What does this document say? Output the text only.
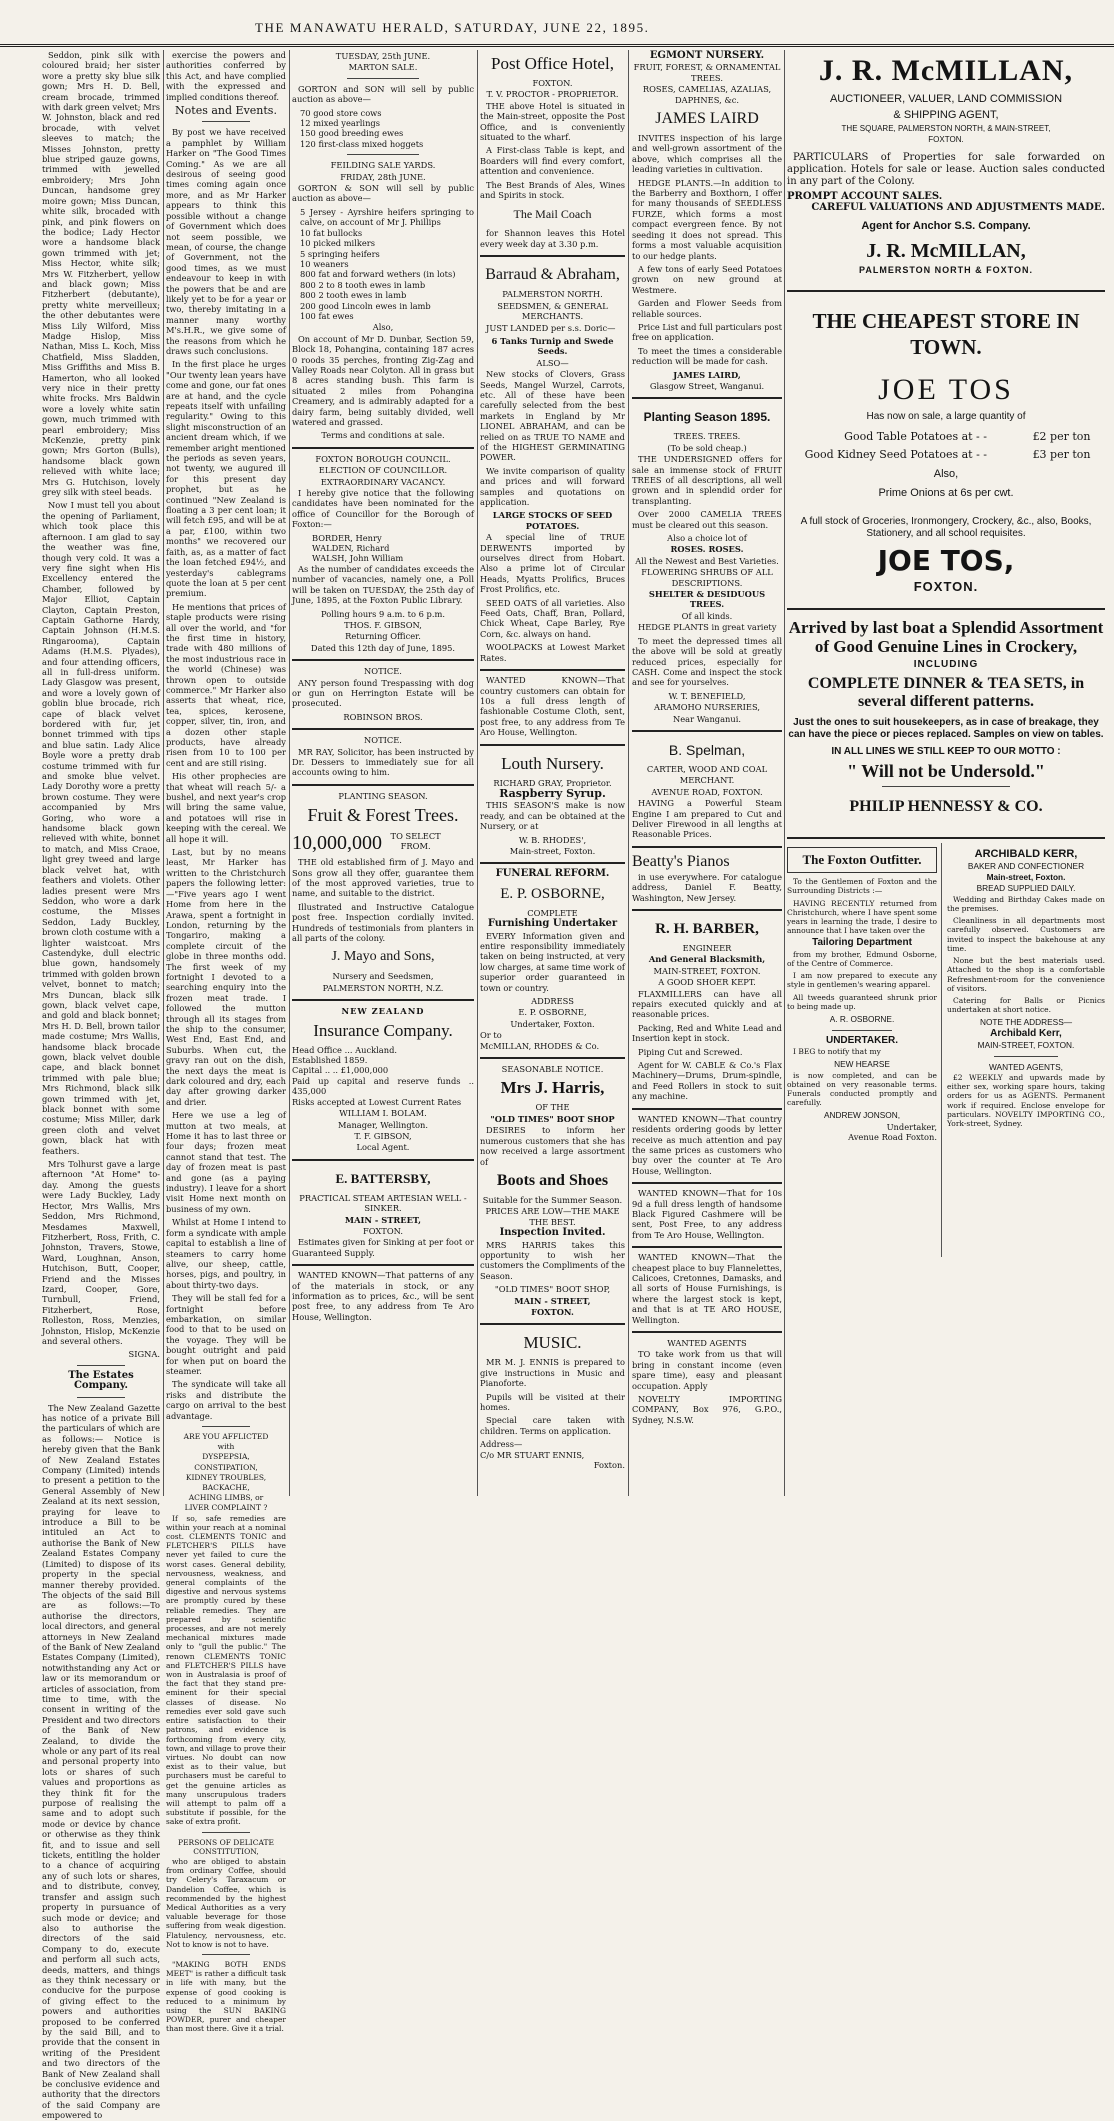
THE MANAWATU HERALD, SATURDAY, JUNE 22, 1895.

Seddon, pink silk with coloured braid; her sister wore a pretty sky blue silk gown; Mrs H. D. Bell, cream brocade, trimmed with dark green velvet; Mrs W. Johnston, black and red brocade, with velvet sleeves to match; the Misses Johnston, pretty blue striped gauze gowns, trimmed with jewelled embroidery; Mrs John Duncan, handsome grey moire gown; Miss Duncan, white silk, brocaded with pink, and pink flowers on the bodice; Lady Hector wore a handsome black gown trimmed with jet; Miss Hector, white silk; Mrs W. Fitzherbert, yellow and black gown; Miss Fitzherbert (debutante), pretty white merveilleux; the other debutantes were Miss Lily Wilford, Miss Madge Hislop, Miss Nathan, Miss L. Koch, Miss Chatfield, Miss Sladden, Miss Griffiths and Miss B. Hamerton, who all looked very nice in their pretty white frocks. Mrs Baldwin wore a lovely white satin gown, much trimmed with pearl embroidery; Miss McKenzie, pretty pink gown; Mrs Gorton (Bulls), handsome black gown relieved with white lace; Mrs G. Hutchison, lovely grey silk with steel beads.

Now I must tell you about the opening of Parliament, which took place this afternoon. I am glad to say the weather was fine, though very cold. It was a very fine sight when His Excellency entered the Chamber, followed by Major Elliot, Captain Clayton, Captain Preston, Captain Gathorne Hardy, Captain Johnson (H.M.S. Ringarooma), Captain Adams (H.M.S. Plyades), and four attending officers, all in full-dress uniform. Lady Glasgow was present, and wore a lovely gown of goblin blue brocade, rich cape of black velvet bordered with fur, jet bonnet trimmed with tips and blue satin. Lady Alice Boyle wore a pretty drab costume trimmed with fur and smoke blue velvet. Lady Dorothy wore a pretty brown costume. They were accompanied by Mrs Goring, who wore a handsome black gown relieved with white, bonnet to match, and Miss Craoe, light grey tweed and large black velvet hat, with feathers and violets. Other ladies present were Mrs Seddon, who wore a dark costume, the Misses Seddon, Lady Buckley, brown cloth costume with a lighter waistcoat. Mrs Castendyke, dull electric blue gown, handsomely trimmed with golden brown velvet, bonnet to match; Mrs Duncan, black silk gown, black velvet cape, and gold and black bonnet; Mrs H. D. Bell, brown tailor made costume; Mrs Wallis, handsome black brocade gown, black velvet double cape, and black bonnet trimmed with pale blue; Mrs Richmond, black silk gown trimmed with jet, black bonnet with some costume; Miss Miller, dark green cloth and velvet gown, black hat with feathers.

Mrs Tolhurst gave a large afternoon "At Home" to-day. Among the guests were Lady Buckley, Lady Hector, Mrs Wallis, Mrs Seddon, Mrs Richmond, Mesdames Maxwell, Fitzherbert, Ross, Frith, C. Johnston, Travers, Stowe, Ward, Loughnan, Anson, Hutchison, Butt, Cooper, Friend and the Misses Izard, Cooper, Gore, Turnbull, Friend, Fitzherbert, Rose, Rolleston, Ross, Menzies, Johnston, Hislop, McKenzie and several others.

SIGNA.
The Estates Company.

The New Zealand Gazette has notice of a private Bill the particulars of which are as follows:— Notice is hereby given that the Bank of New Zealand Estates Company (Limited) intends to present a petition to the General Assembly of New Zealand at its next session, praying for leave to introduce a Bill to be intituled an Act to authorise the Bank of New Zealand Estates Company (Limited) to dispose of its property in the special manner thereby provided. The objects of the said Bill are as follows:—To authorise the directors, local directors, and general attorneys in New Zealand of the Bank of New Zealand Estates Company (Limited), notwithstanding any Act or law or its memorandum or articles of association, from time to time, with the consent in writing of the President and two directors of the Bank of New Zealand, to divide the whole or any part of its real and personal property into lots or shares of such values and proportions as they think fit for the purpose of realising the same and to adopt such mode or device by chance or otherwise as they think fit, and to issue and sell tickets, entitling the holder to a chance of acquiring any of such lots or shares, and to distribute, convey, transfer and assign such property in pursuance of such mode or device; and also to authorise the directors of the said Company to do, execute and perform all such acts, deeds, matters, and things as they think necessary or conducive for the purpose of giving effect to the powers and authorities proposed to be conferred by the said Bill, and to provide that the consent in writing of the President and two directors of the Bank of New Zealand shall be conclusive evidence and authority that the directors of the said Company are empowered to

exercise the powers and authorities conferred by this Act, and have complied with the expressed and implied conditions thereof.

Notes and Events.

By post we have received a pamphlet by William Harker on "The Good Times Coming." As we are all desirous of seeing good times coming again once more, and as Mr Harker appears to think this possible without a change of Government which does not seem possible, we mean, of course, the change of Government, not the good times, as we must endeavour to keep in with the powers that be and are likely yet to be for a year or two, thereby imitating in a manner many worthy M's.H.R., we give some of the reasons from which he draws such conclusions.

In the first place he urges "Our twenty lean years have come and gone, our fat ones are at hand, and the cycle repeats itself with unfailing regularity." Owing to this slight misconstruction of an ancient dream which, if we remember aright mentioned the periods as seven years, not twenty, we augured ill for this present day prophet, but as he continued "New Zealand is floating a 3 per cent loan; it will fetch £95, and will be at a par, £100, within two months" we recovered our faith, as, as a matter of fact the loan fetched £94½, and yesterday's cablegrams quote the loan at 5 per cent premium.

He mentions that prices of staple products were rising all over the world, and "for the first time in history, trade with 480 millions of the most industrious race in the world (Chinese) was thrown open to outside commerce." Mr Harker also asserts that wheat, rice, tea, spices, kerosene, copper, silver, tin, iron, and a dozen other staple products, have already risen from 10 to 100 per cent and are still rising.

His other prophecies are that wheat will reach 5/- a bushel, and next year's crop will bring the same value, and potatoes will rise in keeping with the cereal. We all hope it will.

Last, but by no means least, Mr Harker has written to the Christchurch papers the following letter:—"Five years ago I went Home from here in the Arawa, spent a fortnight in London, returning by the Tongariro, making a complete circuit of the globe in three months odd. The first week of my fortnight I devoted to a searching enquiry into the frozen meat trade. I followed the mutton through all its stages from the ship to the consumer, West End, East End, and Suburbs. When cut, the gravy ran out on the dish, the next days the meat is dark coloured and dry, each day after growing darker and drier.

Here we use a leg of mutton at two meals, at Home it has to last three or four days; frozen meat cannot stand that test. The day of frozen meat is past and gone (as a paying industry). I leave for a short visit Home next month on business of my own.

Whilst at Home I intend to form a syndicate with ample capital to establish a line of steamers to carry home alive, our sheep, cattle, horses, pigs, and poultry, in about thirty-two days.

They will be stall fed for a fortnight before embarkation, on similar food to that to be used on the voyage. They will be bought outright and paid for when put on board the steamer.

The syndicate will take all risks and distribute the cargo on arrival to the best advantage.

ARE YOU AFFLICTED
with
DYSPEPSIA,
CONSTIPATION,
KIDNEY TROUBLES,
BACKACHE,
ACHING LIMBS, or
LIVER COMPLAINT ?

If so, safe remedies are within your reach at a nominal cost. CLEMENTS TONIC and FLETCHER'S PILLS have never yet failed to cure the worst cases. General debility, nervousness, weakness, and general complaints of the digestive and nervous systems are promptly cured by these reliable remedies. They are prepared by scientific processes, and are not merely mechanical mixtures made only to "gull the public." The renown CLEMENTS TONIC and FLETCHER'S PILLS have won in Australasia is proof of the fact that they stand pre-eminent for their special classes of disease. No remedies ever sold gave such entire satisfaction to their patrons, and evidence is forthcoming from every city, town, and village to prove their virtues. No doubt can now exist as to their value, but purchasers must be careful to get the genuine articles as many unscrupulous traders will attempt to palm off a substitute if possible, for the sake of extra profit.

PERSONS OF DELICATE CONSTITUTION,

who are obliged to abstain from ordinary Coffee, should try Celery's Taraxacum or Dandelion Coffee, which is recommended by the highest Medical Authorities as a very valuable beverage for those suffering from weak digestion. Flatulency, nervousness, etc. Not to know is not to have.

"MAKING BOTH ENDS MEET" is rather a difficult task in life with many, but the expense of good cooking is reduced to a minimum by using the SUN BAKING POWDER, purer and cheaper than most there. Give it a trial.

TUESDAY, 25th JUNE.
MARTON SALE.

GORTON and SON will sell by public auction as above—

70 good store cows
12 mixed yearlings
150 good breeding ewes
120 first-class mixed hoggets
FEILDING SALE YARDS.
FRIDAY, 28th JUNE.

GORTON & SON will sell by public auction as above—

5 Jersey - Ayrshire heifers springing to calve, on account of Mr J. Phillips
10 fat bullocks
10 picked milkers
5 springing heifers
10 weaners
800 fat and forward wethers (in lots)
800 2 to 8 tooth ewes in lamb
800 2 tooth ewes in lamb
200 good Lincoln ewes in lamb
100 fat ewes
Also,

On account of Mr D. Dunbar, Section 59, Block 18, Pohangina, containing 187 acres 0 roods 35 perches, fronting Zig-Zag and Valley Roads near Colyton. All in grass but 8 acres standing bush. This farm is situated 2 miles from Pohangina Creamery, and is admirably adapted for a dairy farm, being suitably divided, well watered and grassed.

Terms and conditions at sale.
FOXTON BOROUGH COUNCIL.
ELECTION OF COUNCILLOR.
EXTRAORDINARY VACANCY.

I hereby give notice that the following candidates have been nominated for the office of Councillor for the Borough of Foxton:—

BORDER, Henry
WALDEN, Richard
WALSH, John William

As the number of candidates exceeds the number of vacancies, namely one, a Poll will be taken on TUESDAY, the 25th day of June, 1895, at the Foxton Public Library.

Polling hours 9 a.m. to 6 p.m.
THOS. F. GIBSON,
Returning Officer.
Dated this 12th day of June, 1895.
NOTICE.

ANY person found Trespassing with dog or gun on Herrington Estate will be prosecuted.

ROBINSON BROS.
NOTICE.

MR RAY, Solicitor, has been instructed by Dr. Dessers to immediately sue for all accounts owing to him.

PLANTING SEASON.
Fruit & Forest Trees.
10,000,000 TO SELECT FROM.

THE old established firm of J. Mayo and Sons grow all they offer, guarantee them of the most approved varieties, true to name, and suitable to the district.

Illustrated and Instructive Catalogue post free. Inspection cordially invited. Hundreds of testimonials from planters in all parts of the colony.

J. Mayo and Sons,
Nursery and Seedsmen,
PALMERSTON NORTH, N.Z.
NEW ZEALAND
Insurance Company.
Head Office ... Auckland.
Established 1859.
Capital .. .. £1,000,000
Paid up capital and reserve funds .. 435,000
Risks accepted at Lowest Current Rates
WILLIAM I. BOLAM.
Manager, Wellington.
T. F. GIBSON,
Local Agent.
E. BATTERSBY,
PRACTICAL STEAM ARTESIAN WELL - SINKER.
MAIN - STREET,
FOXTON.

Estimates given for Sinking at per foot or Guaranteed Supply.

WANTED KNOWN—That patterns of any of the materials in stock, or any information as to prices, &c., will be sent post free, to any address from Te Aro House, Wellington.

Post Office Hotel,
FOXTON.
T. V. PROCTOR - PROPRIETOR.

THE above Hotel is situated in the Main-street, opposite the Post Office, and is conveniently situated to the wharf.

A First-class Table is kept, and Boarders will find every comfort, attention and convenience.

The Best Brands of Ales, Wines and Spirits in stock.

The Mail Coach

for Shannon leaves this Hotel every week day at 3.30 p.m.

Barraud & Abraham,
PALMERSTON NORTH.
SEEDSMEN, & GENERAL MERCHANTS.

JUST LANDED per s.s. Doric—

6 Tanks Turnip and Swede Seeds.
ALSO—

New stocks of Clovers, Grass Seeds, Mangel Wurzel, Carrots, etc. All of these have been carefully selected from the best markets in England by Mr LIONEL ABRAHAM, and can be relied on as TRUE TO NAME and of the HIGHEST GERMINATING POWER.

We invite comparison of quality and prices and will forward samples and quotations on application.

LARGE STOCKS OF SEED POTATOES.

A special line of TRUE DERWENTS imported by ourselves direct from Hobart. Also a prime lot of Circular Heads, Myatts Prolifics, Bruces Frost Prolifics, etc.

SEED OATS of all varieties. Also Feed Oats, Chaff, Bran, Pollard, Chick Wheat, Cape Barley, Rye Corn, &c. always on hand.

WOOLPACKS at Lowest Market Rates.

WANTED KNOWN—That country customers can obtain for 10s a full dress length of fashionable Costume Cloth, sent, post free, to any address from Te Aro House, Wellington.

Louth Nursery.
RICHARD GRAY, Proprietor.
Raspberry Syrup.

THIS SEASON'S make is now ready, and can be obtained at the Nursery, or at

W. B. RHODES',
Main-street, Foxton.
FUNERAL REFORM.
E. P. OSBORNE,
COMPLETE
Furnishing Undertaker

EVERY Information given and entire responsibility immediately taken on being instructed, at very low charges, at same time work of superior order guaranteed in town or country.

ADDRESS
E. P. OSBORNE,
Undertaker, Foxton.
Or to
McMILLAN, RHODES & Co.
SEASONABLE NOTICE.
Mrs J. Harris,
OF THE
"OLD TIMES" BOOT SHOP

DESIRES to inform her numerous customers that she has now received a large assortment of

Boots and Shoes
Suitable for the Summer Season.
PRICES ARE LOW—THE MAKE THE BEST.
Inspection Invited.

MRS HARRIS takes this opportunity to wish her customers the Compliments of the Season.

"OLD TIMES" BOOT SHOP,
MAIN - STREET,
FOXTON.
MUSIC.

MR M. J. ENNIS is prepared to give instructions in Music and Pianoforte.

Pupils will be visited at their homes.

Special care taken with children. Terms on application.

Address—
C/o MR STUART ENNIS,
Foxton.
EGMONT NURSERY.
FRUIT, FOREST, & ORNAMENTAL TREES.
ROSES, CAMELIAS, AZALIAS, DAPHNES, &c.
JAMES LAIRD

INVITES inspection of his large and well-grown assortment of the above, which comprises all the leading varieties in cultivation.

HEDGE PLANTS.—In addition to the Barberry and Boxthorn, I offer for many thousands of SEEDLESS FURZE, which forms a most compact evergreen fence. By not seeding it does not spread. This forms a most valuable acquisition to our hedge plants.

A few tons of early Seed Potatoes grown on new ground at Westmere.

Garden and Flower Seeds from reliable sources.

Price List and full particulars post free on application.

To meet the times a considerable reduction will be made for cash.

JAMES LAIRD,
Glasgow Street, Wanganui.
Planting Season 1895.
TREES. TREES.
(To be sold cheap.)

THE UNDERSIGNED offers for sale an immense stock of FRUIT TREES of all descriptions, all well grown and in splendid order for transplanting.

Over 2000 CAMELIA TREES must be cleared out this season.

Also a choice lot of
ROSES. ROSES.
All the Newest and Best Varieties.
FLOWERING SHRUBS OF ALL DESCRIPTIONS.
SHELTER & DESIDUOUS TREES.
Of all kinds.

HEDGE PLANTS in great variety

To meet the depressed times all the above will be sold at greatly reduced prices, especially for CASH. Come and inspect the stock and see for yourselves.

W. T. BENEFIELD,
ARAMOHO NURSERIES,
Near Wanganui.
B. Spelman,
CARTER, WOOD AND COAL
MERCHANT.
AVENUE ROAD, FOXTON.

HAVING a Powerful Steam Engine I am prepared to Cut and Deliver Firewood in all lengths at Reasonable Prices.

Beatty's Pianos

in use everywhere. For catalogue address, Daniel F. Beatty, Washington, New Jersey.

R. H. BARBER,
ENGINEER
And General Blacksmith,
MAIN-STREET, FOXTON.
A GOOD SHOER KEPT.

FLAXMILLERS can have all repairs executed quickly and at reasonable prices.

Packing, Red and White Lead and Insertion kept in stock.

Piping Cut and Screwed.

Agent for W. CABLE & Co.'s Flax Machinery—Drums, Drum-spindle, and Feed Rollers in stock to suit any machine.

WANTED KNOWN—That country residents ordering goods by letter receive as much attention and pay the same prices as customers who buy over the counter at Te Aro House, Wellington.

WANTED KNOWN—That for 10s 9d a full dress length of handsome Black Figured Cashmere will be sent, Post Free, to any address from Te Aro House, Wellington.

WANTED KNOWN—That the cheapest place to buy Flannelettes, Calicoes, Cretonnes, Damasks, and all sorts of House Furnishings, is where the largest stock is kept, and that is at TE ARO HOUSE, Wellington.

WANTED AGENTS

TO take work from us that will bring in constant income (even spare time), easy and pleasant occupation. Apply

NOVELTY IMPORTING COMPANY, Box 976, G.P.O., Sydney, N.S.W.

J. R. McMILLAN,
AUCTIONEER, VALUER, LAND COMMISSION
& SHIPPING AGENT,
THE SQUARE, PALMERSTON NORTH, & MAIN-STREET,
FOXTON.

PARTICULARS of Properties for sale forwarded on application. Hotels for sale or lease. Auction sales conducted in any part of the Colony.

PROMPT ACCOUNT SALES.
CAREFUL VALUATIONS AND ADJUSTMENTS MADE.
Agent for Anchor S.S. Company.
J. R. McMILLAN,
PALMERSTON NORTH & FOXTON.
THE CHEAPEST STORE IN TOWN.
JOE TOS
Has now on sale, a large quantity of
Good Table Potatoes at - -	£2 per ton
Good Kidney Seed Potatoes at - -	£3 per ton
Also,
Prime Onions at 6s per cwt.
A full stock of Groceries, Ironmongery, Crockery, &c., also, Books, Stationery, and all school requisites.
JOE TOS,
FOXTON.
Arrived by last boat a Splendid Assortment of Good Genuine Lines in Crockery,
INCLUDING
COMPLETE DINNER & TEA SETS, in several different patterns.
Just the ones to suit housekeepers, as in case of breakage, they can have the piece or pieces replaced. Samples on view on tables.
IN ALL LINES WE STILL KEEP TO OUR MOTTO :
" Will not be Undersold."
PHILIP HENNESSY & CO.
The Foxton Outfitter.

To the Gentlemen of Foxton and the Surrounding Districts :—

HAVING RECENTLY returned from Christchurch, where I have spent some years in learning the trade, I desire to announce that I have taken over the

Tailoring Department

from my brother, Edmund Osborne, of the Centre of Commerce.

I am now prepared to execute any style in gentlemen's wearing apparel.

All tweeds guaranteed shrunk prior to being made up.

A. R. OSBORNE.
UNDERTAKER.

I BEG to notify that my

NEW HEARSE

is now completed, and can be obtained on very reasonable terms. Funerals conducted promptly and carefully.

ANDREW JONSON,
Undertaker,
Avenue Road Foxton.
ARCHIBALD KERR,
BAKER AND CONFECTIONER
Main-street, Foxton.
BREAD SUPPLIED DAILY.

Wedding and Birthday Cakes made on the premises.

Cleanliness in all departments most carefully observed. Customers are invited to inspect the bakehouse at any time.

None but the best materials used. Attached to the shop is a comfortable Refreshment-room for the convenience of visitors.

Catering for Balls or Picnics undertaken at short notice.

NOTE THE ADDRESS—
Archibald Kerr,
MAIN-STREET, FOXTON.
WANTED AGENTS,

£2 WEEKLY and upwards made by either sex, working spare hours, taking orders for us as AGENTS. Permanent work if required. Enclose envelope for particulars. NOVELTY IMPORTING CO., York-street, Sydney.
